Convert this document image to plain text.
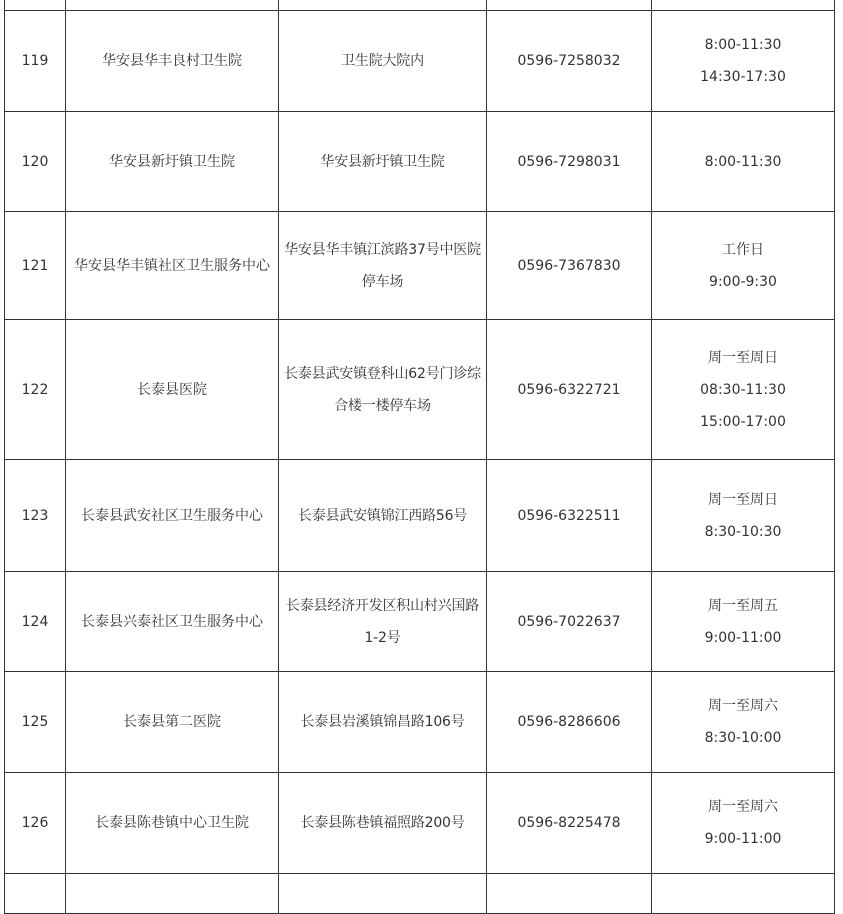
119	华安县华丰良村卫生院	卫生院大院内	0596-7258032	8:00-11:30
14:30-17:30

120	华安县新圩镇卫生院	华安县新圩镇卫生院	0596-7298031	8:00-11:30

121	华安县华丰镇社区卫生服务中心	华安县华丰镇江滨路37号中医院
停车场	0596-7367830	工作日
9:00-9:30

122	长泰县医院	长泰县武安镇登科山62号门诊综
合楼一楼停车场	0596-6322721	周一至周日
08:30-11:30
15:00-17:00

123	长泰县武安社区卫生服务中心	长泰县武安镇锦江西路56号	0596-6322511	周一至周日
8:30-10:30

124	长泰县兴泰社区卫生服务中心	长泰县经济开发区积山村兴国路
1-2号	0596-7022637	周一至周五
9:00-11:00

125	长泰县第二医院	长泰县岩溪镇锦昌路106号	0596-8286606	周一至周六
8:30-10:00

126	长泰县陈巷镇中心卫生院	长泰县陈巷镇福照路200号	0596-8225478	周一至周六
9:00-11:00
